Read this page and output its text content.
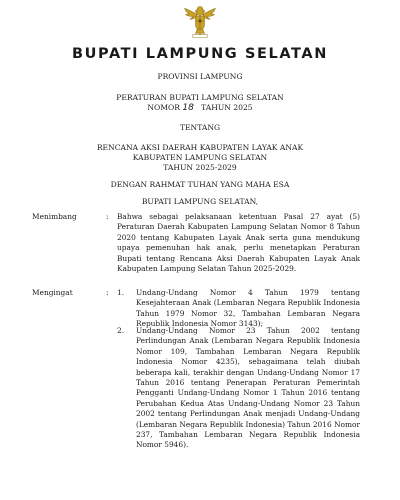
BUPATI LAMPUNG SELATAN
PROVINSI LAMPUNG
PERATURAN BUPATI LAMPUNG SELATAN
NOMOR 18 TAHUN 2025
TENTANG
RENCANA AKSI DAERAH KABUPATEN LAYAK ANAK
KABUPATEN LAMPUNG SELATAN
TAHUN 2025-2029
DENGAN RAHMAT TUHAN YANG MAHA ESA
BUPATI LAMPUNG SELATAN,
Menimbang	: Bahwa sebagai pelaksanaan ketentuan Pasal 27 ayat (5) Peraturan Daerah Kabupaten Lampung Selatan Nomor 8 Tahun 2020 tentang Kabupaten Layak Anak serta guna mendukung upaya pemenuhan hak anak, perlu menetapkan Peraturan Bupati tentang Rencana Aksi Daerah Kabupaten Layak Anak Kabupaten Lampung Selatan Tahun 2025-2029.
Mengingat	: 1. Undang-Undang Nomor 4 Tahun 1979 tentang Kesejahteraan Anak (Lembaran Negara Republik Indonesia Tahun 1979 Nomor 32, Tambahan Lembaran Negara Republik Indonesia Nomor 3143);
2. Undang-Undang Nomor 23 Tahun 2002 tentang Perlindungan Anak (Lembaran Negara Republik Indonesia Nomor 109, Tambahan Lembaran Negara Republik Indonesia Nomor 4235), sebagaimana telah diubah beberapa kali, terakhir dengan Undang-Undang Nomor 17 Tahun 2016 tentang Penerapan Peraturan Pemerintah Pengganti Undang-Undang Nomor 1 Tahun 2016 tentang Perubahan Kedua Atas Undang-Undang Nomor 23 Tahun 2002 tentang Perlindungan Anak menjadi Undang-Undang (Lembaran Negara Republik Indonesia) Tahun 2016 Nomor 237, Tambahan Lembaran Negara Republik Indonesia Nomor 5946).
